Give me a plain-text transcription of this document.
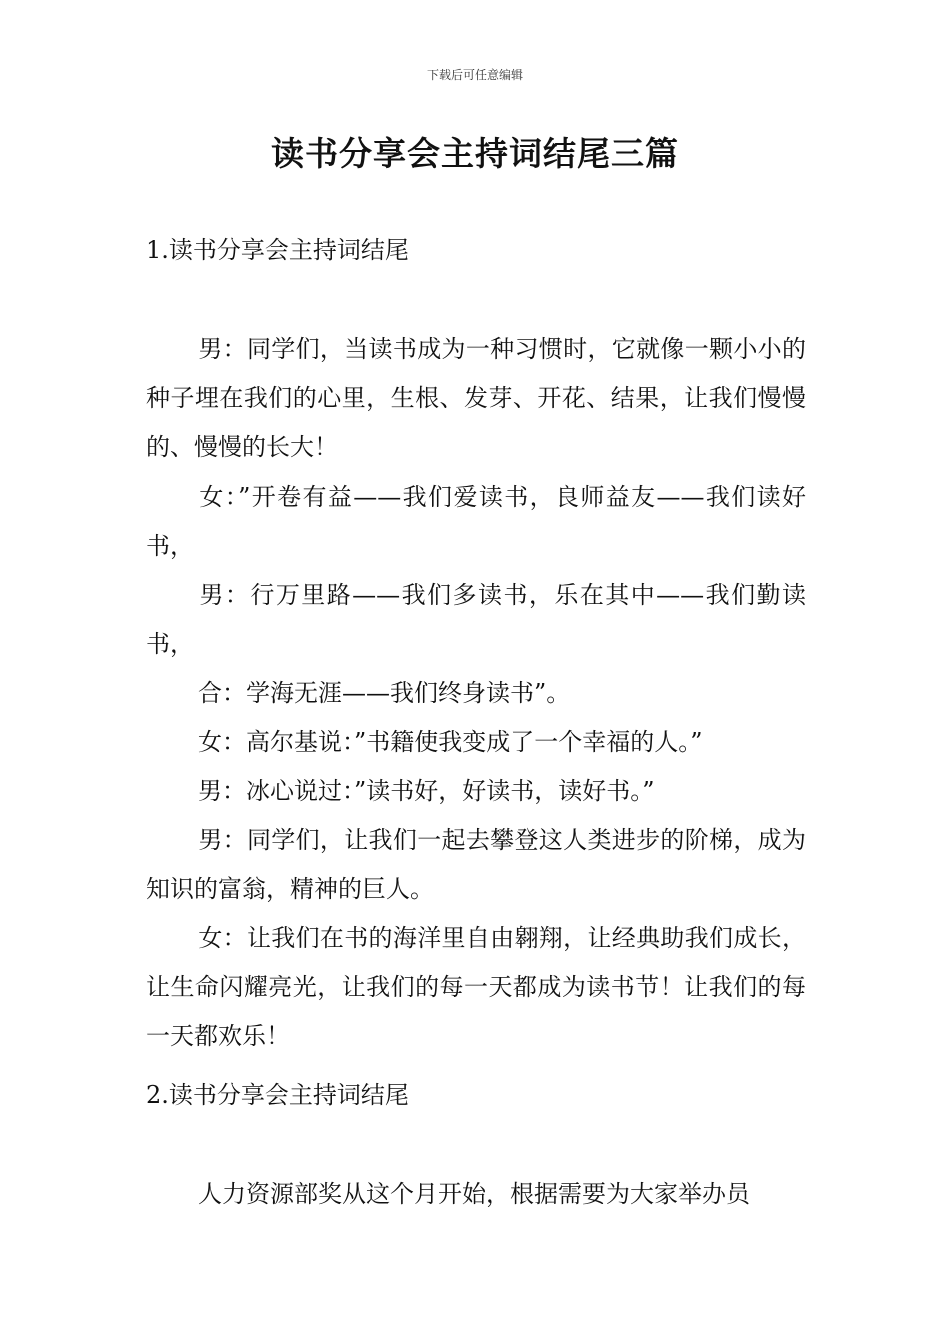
下载后可任意编辑
读书分享会主持词结尾三篇
1.读书分享会主持词结尾
男：同学们，当读书成为一种习惯时，它就像一颗小小的种子埋在我们的心里，生根、发芽、开花、结果，让我们慢慢的、慢慢的长大！
女：”开卷有益——我们爱读书，良师益友——我们读好书，
男：行万里路——我们多读书，乐在其中——我们勤读书，
合：学海无涯——我们终身读书”。
女：高尔基说：”书籍使我变成了一个幸福的人。”
男：冰心说过：”读书好，好读书，读好书。”
男：同学们，让我们一起去攀登这人类进步的阶梯，成为知识的富翁，精神的巨人。
女：让我们在书的海洋里自由翱翔，让经典助我们成长，让生命闪耀亮光，让我们的每一天都成为读书节！让我们的每一天都欢乐！
2.读书分享会主持词结尾
人力资源部奖从这个月开始，根据需要为大家举办员
